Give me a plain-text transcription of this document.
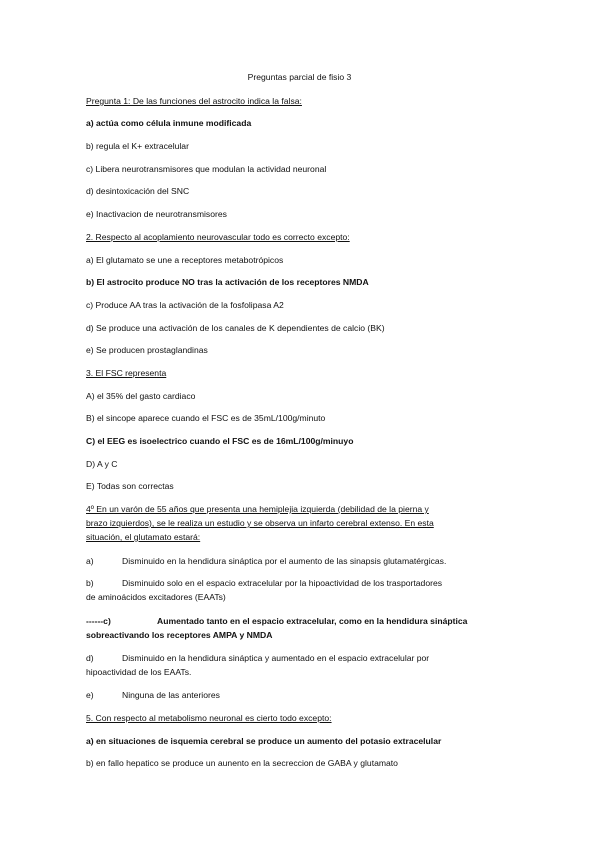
Preguntas parcial de fisio 3
Pregunta 1: De las funciones del astrocito indica la falsa:
a) actúa como célula inmune modificada
b) regula el K+ extracelular
c) Libera neurotransmisores que modulan la actividad neuronal
d) desintoxicación del SNC
e) Inactivacion de neurotransmisores
2. Respecto al acoplamiento neurovascular todo es correcto excepto:
a) El glutamato se une a receptores metabotrópicos
b) El astrocito produce NO tras la activación de los receptores NMDA
c) Produce AA tras la activación de la fosfolipasa A2
d) Se produce una activación de los canales de K dependientes de calcio (BK)
e) Se producen prostaglandinas
3. El FSC representa
A) el 35% del gasto cardiaco
B) el sincope aparece cuando el FSC es de 35mL/100g/minuto
C) el EEG es isoelectrico cuando el FSC es de 16mL/100g/minuyo
D) A y C
E) Todas son correctas
4º En un varón de 55 años que presenta una hemiplejia izquierda (debilidad de la pierna y
brazo izquierdos), se le realiza un estudio y se observa un infarto cerebral extenso. En esta
situación, el glutamato estará:
a)	Disminuido en la hendidura sináptica por el aumento de las sinapsis glutamatérgicas.
b)	Disminuido solo en el espacio extracelular por la hipoactividad de los trasportadores
de aminoácidos excitadores (EAATs)
------c)	Aumentado tanto en el espacio extracelular, como en la hendidura sináptica
sobreactivando los receptores AMPA y NMDA
d)	Disminuido en la hendidura sináptica y aumentado en el espacio extracelular por
hipoactividad de los EAATs.
e)	Ninguna de las anteriores
5. Con respecto al metabolismo neuronal es cierto todo excepto:
a) en situaciones de isquemia cerebral se produce un aumento del potasio extracelular
b) en fallo hepatico se produce un aunento en la secreccion de GABA y glutamato
